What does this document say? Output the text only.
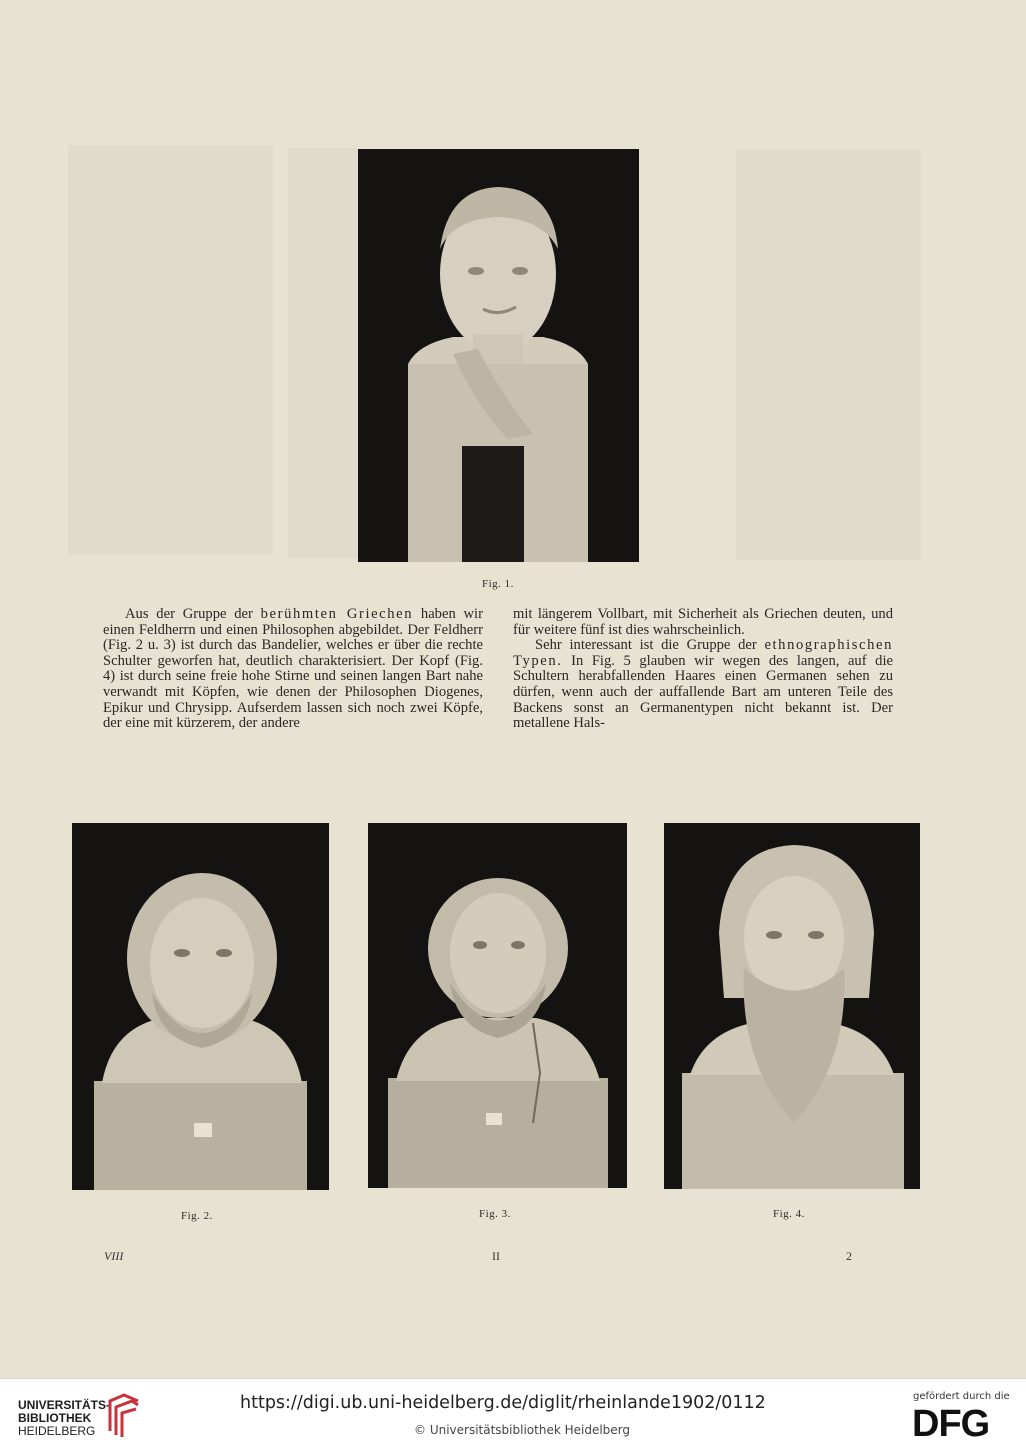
Fig. 1.

Aus der Gruppe der berühmten Griechen haben wir einen Feldherrn und einen Philosophen abgebildet. Der Feldherr (Fig. 2 u. 3) ist durch das Bandelier, welches er über die rechte Schulter geworfen hat, deutlich charakterisiert. Der Kopf (Fig. 4) ist durch seine freie hohe Stirne und seinen langen Bart nahe verwandt mit Köpfen, wie denen der Philosophen Diogenes, Epikur und Chrysipp. Aufserdem lassen sich noch zwei Köpfe, der eine mit kürzerem, der andere

mit längerem Vollbart, mit Sicherheit als Griechen deuten, und für weitere fünf ist dies wahrscheinlich.

Sehr interessant ist die Gruppe der ethnographischen Typen. In Fig. 5 glauben wir wegen des langen, auf die Schultern herabfallenden Haares einen Germanen sehen zu dürfen, wenn auch der auffallende Bart am unteren Teile des Backens sonst an Germanentypen nicht bekannt ist. Der metallene Hals-

Fig. 2.	Fig. 3.	Fig. 4.
VIII	II	2
UNIVERSITÄTS-
BIBLIOTHEK
HEIDELBERG
https://digi.ub.uni-heidelberg.de/diglit/rheinlande1902/0112
© Universitätsbibliothek Heidelberg
gefördert durch die
DFG
